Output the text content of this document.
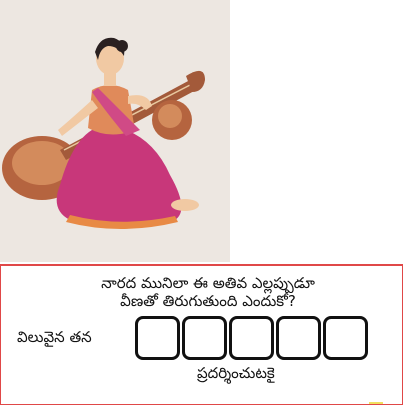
నారద మునిలా ఈ అతివ ఎల్లప్పుడూ
వీణతో తిరుగుతుంది ఎందుకో?
విలువైన తన
ప్రదర్శించుటకై
